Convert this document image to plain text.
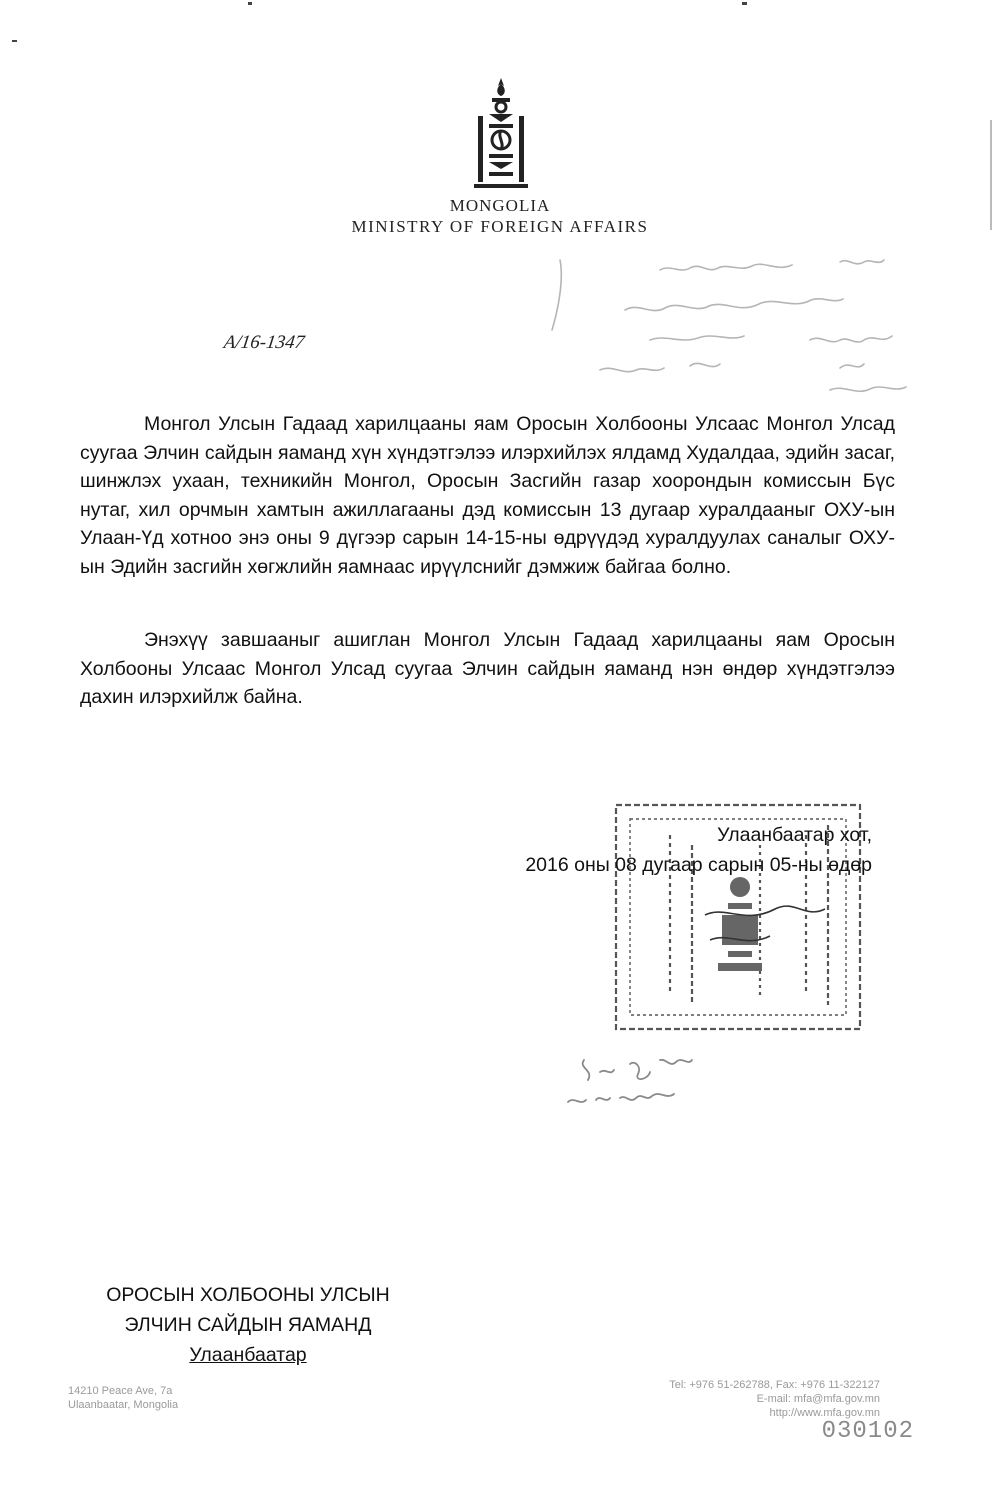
MONGOLIA
MINISTRY OF FOREIGN AFFAIRS
А/16-1347

Монгол Улсын Гадаад харилцааны яам Оросын Холбооны Улсаас Монгол Улсад суугаа Элчин сайдын яаманд хүн хүндэтгэлээ илэрхийлэх ялдамд Худалдаа, эдийн засаг, шинжлэх ухаан, техникийн Монгол, Оросын Засгийн газар хоорондын комиссын Бүс нутаг, хил орчмын хамтын ажиллагааны дэд комиссын 13 дугаар хуралдааныг ОХУ-ын Улаан-Үд хотноо энэ оны 9 дүгээр сарын 14-15-ны өдрүүдэд хуралдуулах саналыг ОХУ-ын Эдийн засгийн хөгжлийн яамнаас ирүүлснийг дэмжиж байгаа болно.

Энэхүү завшааныг ашиглан Монгол Улсын Гадаад харилцааны яам Оросын Холбооны Улсаас Монгол Улсад суугаа Элчин сайдын яаманд нэн өндөр хүндэтгэлээ дахин илэрхийлж байна.

Улаанбаатар хот,
2016 оны 08 дугаар сарын 05-ны өдөр
ОРОСЫН ХОЛБООНЫ УЛСЫН
ЭЛЧИН САЙДЫН ЯАМАНД
Улаанбаатар
14210 Peace Ave, 7a
Ulaanbaatar, Mongolia
Tel: +976 51-262788, Fax: +976 11-322127
E-mail: mfa@mfa.gov.mn
http://www.mfa.gov.mn
030102
